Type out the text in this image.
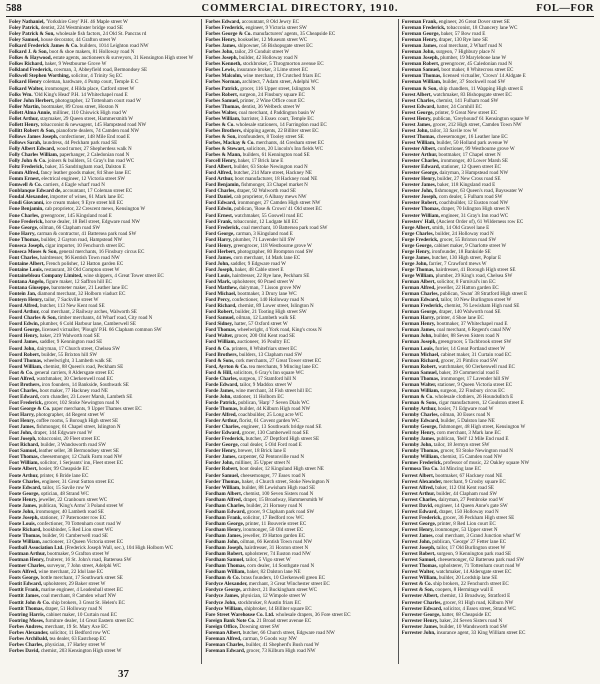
588	COMMERCIAL DIRECTORY, 1910.	FOL—FOR
Foley Nathaniel, 'Yorkshire Grey' P.H. 46 Maple street W
Foley Patrick, dentist, 224 Westminster bridge road SE
Foley Patrick & Son, wholesale fish factors, 24 Old St. Pancras rd
Foley Samuel, house decorator, 44 Grafton street W
Folkard Frederick James & Co. builders, 1014 Leighton road NW
Folkard J. & Son, boot & shoe makers, 81 Holloway road N
Folkes & Haywood, estate agents, auctioneers & surveyors, 31 Kensington High street W
Folkes Richard, baker, 9 Westbourne Grove W
Folkland Frederick, cowman, 3, Abbeyfield road, Bermondsey SE
Folkwell Stephen Worthing, solicitor, 4 Trinity Sq EC
Folkard Henry coleman, hardware, 4 Pump court, Temple E C
Folkard Walter, ironmonger, 4 Hilda place, Catford street W
Folks Wm. 'Old King's Head' P.H. 14 Whitechapel road E
Foller John Herbert, photographer, 12 Tottenham court road W
Foller Martin, bootmaker, 89 Cross street, Hoxton N
Follett Alma Annie, milliner, 110 Chiswick High road W
Follet Arthur, staymaker, 29 Queen street, Hammersmith W
Follett Henry, tobacconist & newsagent, 145 Hampstead road NW
Follitt Robert & Son, pianoforte dealers, 74 Camden road NW
Follows James Joseph, confectioner, 148 Mile End road E
Follows Sarah, laundress, 44 Peckham park road SE
Folly Albert Edward, wood turner, 27 Shepherdess walk N
Folly Charles William, paperhanger, 2 Caledonian road N
Folly John & Co. joiners & builders, 51 Gray's Inn road WC
Foltz Frederick, baker, 35 Sandringham road, Dalston E
Fomm Alfred, fancy leather goods maker, 84 Shoe lane EC
Fomm Ernest, electrical engineer, 12 Victoria street SW
Fomwell & Co. carriers, 4 Eagle wharf road N
Fonblanque Edward de, accountant, 17 Coleman street EC
Fondal Alexander, importer of wines, 61 Mark lane EC
Fondi Giovanni, ice cream maker, 9 Eyre street hill EC
Fone Benjamin, cab proprietor, 22 Crescent mews, Kensington W
Fone Charles, greengrocer, 145 Kingsland road E
Fone Frederick, horse dealer, 18 Bell street, Edgware road NW
Fone George, oilman, 66 Clapham road SW
Fone Harry, carman & contractor, 41 Battersea park road SW
Fone Thomas, builder, 2 Gayton road, Hampstead NW
Fonseca Joseph, cigar importer, 10 Fenchurch street EC
Fonseca Moses & Son, general merchants, 16 Finsbury circus EC
Font Charles, hairdresser, 96 Kentish Town road NW
Fontaine Albert, French polisher, 12 Hatton garden EC
Fontaine Louis, restaurant, 38 Old Compton street W
Fontainebleau Company Limited, wine shippers, 4 Great Tower street EC
Fontana Angelo, figure maker, 12 Saffron hill EC
Fontana Giuseppe, barometer maker, 21 Leather lane EC
Fontein Jan, diamond merchant, 32 Holborn viaduct EC
Fonteyn Henry, tailor, 7 Sackville street W
Foord Alfred, butcher, 113 New Kent road SE
Foord Arthur, coal merchant, 2 Railway arches, Walworth SE
Foord Charles & Son, timber merchants, 44 Wharf road, City road N
Foord Edwin, plumber, 6 Cold Harbour lane, Camberwell SE
Foord George, licensed victualler, 'Plough' P.H. 66 Clapham common SW
Foord Henry, baker, 219 Walworth road SE
Foord James, saddler, 9 Kennington road SE
Foord John, dairyman, 17 Church street, Chelsea SW
Foord Robert, builder, 55 Brixton hill SW
Foord Thomas, wheelwright, 3 Lambeth walk SE
Foord William, chemist, 88 Queen's road, Peckham SE
Foot & Co. general carriers, 8 Aldersgate street EC
Foot Alfred, watchmaker, 30 Clerkenwell road EC
Foot Brothers, iron founders, 14 Bankside, Southwark SE
Foot Charles, boot maker, 77 Hackney road NE
Foot Edward, corn chandler, 23 Lower Marsh, Lambeth SE
Foot Frederick, grocer, 102 Stoke Newington road N
Foot George & Co. paper merchants, 9 Upper Thames street EC
Foot Harry, photographer, 44 Regent street W
Foot Henry, coffee rooms, 5 Borough High street SE
Foot James, fishmonger, 61 Chapel street, Islington N
Foot John, draper, 144 Edgware road W
Foot Joseph, tobacconist, 20 Fleet street EC
Foot Richard, builder, 3 Wandsworth road SW
Foot Samuel, leather seller, 38 Bermondsey street SE
Foot Thomas, cheesemonger, 12 Chalk Farm road NW
Foot William, solicitor, 1 Serjeants' inn, Fleet street EC
Foote Albert, hosier, 99 Cheapside EC
Foote Arthur, printer, 6 Bride lane EC
Foote Charles, engineer, 31 Great Sutton street EC
Foote Edward, tailor, 15 Savile row W
Foote George, optician, 48 Strand WC
Foote Henry, jeweller, 22 Cranbourn street WC
Foote James, publican, 'King's Arms' 3 Poland street W
Foote John, ironmonger, 40 Lambeth road SE
Foote Joseph, stationer, 17 Paternoster row EC
Foote Louis, confectioner, 70 Tottenham court road W
Foote Richard, bookbinder, 5 Red Lion street WC
Foote Thomas, builder, 91 Camberwell road SE
Foote William, auctioneer, 13 Queen Victoria street EC
Football Association Ltd. (Frederick Joseph Wall, sec.), 104 High Holborn WC
Footman Arthur, bootmaker, 9 Grafton street W
Footman Henry, fruiterer, 16 St. John's road, Battersea SW
Footner Charles, surveyor, 7 John street, Adelphi WC
Foots Alfred, wine merchant, 22 Idol lane EC
Foots George, bottle merchant, 17 Southwark street SE
Footit Edward, upholsterer, 29 Baker street W
Foottit Frank, marine engineer, 4 Leadenhall street EC
Foottit James, coal merchant, 8 Camden wharf NW
Foottit John & Co. ship brokers, 3 Great St. Helen's EC
Foottit Thomas, draper, 51 Holloway road N
Footring Harris, cabinet maker, 10 Curtain road EC
Footring Moses, furniture dealer, 14 Great Eastern street EC
Forbes Andrew, merchant, 19 St. Mary Axe EC
Forbes Alexander, solicitor, 11 Bedford row WC
Forbes Archibald, tea dealer, 63 Eastcheap EC
Forbes Charles, physician, 17 Harley street W
Forbes David, chemist, 203 Kensington High street W
Forbes Edward, accountant, 8 Old Jewry EC
Forbes Frederick, engineer, 9 Victoria street SW
Forbes George & Co. manufacturers' agents, 35 Cheapside EC
Forbes Henry, bookseller, 12 Museum street WC
Forbes James, shipowner, 56 Bishopsgate street EC
Forbes John, tailor, 29 Conduit street W
Forbes Joseph, builder, 42 Holloway road N
Forbes Kenneth, stockbroker, 5 Throgmorton avenue EC
Forbes Lewis, insurance broker, 3 Lime street EC
Forbes Malcolm, wine merchant, 19 Crutched friars EC
Forbes Norman, architect, 7 Adam street, Adelphi WC
Forbes Patrick, grocer, 116 Upper street, Islington N
Forbes Robert, surgeon, 24 Finsbury square EC
Forbes Samuel, printer, 2 Wine Office court EC
Forbes Thomas, dentist, 36 Welbeck street W
Forbes Walter, coal merchant, 4 Paddington basin W
Forbes William, barrister, 3 Essex court, Temple EC
Forbes & Co. wholesale stationers, 14 Farringdon road EC
Forbes Brothers, shipping agents, 22 Billiter street EC
Forbes & Son, ironfounders, 8 Tooley street SE
Forbes, Mackay & Co. merchants, 44 Gresham street EC
Forbes & Stewart, solicitors, 20 Lincoln's Inn fields WC
Forbes & Mann, builders, 61 Kennington road SE
Forcell Henry, baker, 17 Brick lane E
Ford Albert, builder, 63 Stoke Newington road N
Ford Alfred, butcher, 214 Mare street, Hackney NE
Ford Arthur, boot manufacturer, 18 Hackney road NE
Ford Benjamin, fishmonger, 33 Chapel market N
Ford Charles, draper, 92 Walworth road SE
Ford Daniel, cab proprietor, 6 Albany mews NW
Ford Edward, ironmonger, 27 Camden High street NW
Ford Edwin, publican, 'Rose & Crown' 41 Old street EC
Ford Ernest, watchmaker, 55 Goswell road EC
Ford Frank, tobacconist, 12 Ludgate hill EC
Ford Frederick, coal merchant, 10 Battersea park road SW
Ford George, carman, 3 Kingsland road E
Ford Harry, plumber, 71 Lavender hill SW
Ford Henry, greengrocer, 118 Westbourne grove W
Ford Herbert, photographer, 80 Brompton road SW
Ford James, corn merchant, 14 Mark lane EC
Ford John, saddler, 9 Edgware road W
Ford Joseph, baker, 48 Cable street E
Ford Louis, hairdresser, 22 Rye lane, Peckham SE
Ford Mark, upholsterer, 60 Praed street W
Ford Matthew, dairyman, 7 Lisson grove NW
Ford Michael, bootmaker, 3 Drury lane WC
Ford Percy, confectioner, 140 Holloway road N
Ford Richard, chemist, 89 Lower street, Islington N
Ford Robert, builder, 21 Tooting High street SW
Ford Samuel, oilman, 12 Lambeth walk SE
Ford Sidney, hatter, 57 Oxford street W
Ford Thomas, wheelwright, 4 York road, King's cross N
Ford Walter, grocer, 200 Old Kent road SE
Ford William, auctioneer, 16 Poultry EC
Ford & Co. printers, 8 Whitefriars street EC
Ford Brothers, builders, 13 Clapham road SW
Ford & Sons, cork merchants, 27 Great Tower street EC
Ford, Ayrton & Co. tea merchants, 9 Mincing lane EC
Ford & Hill, solicitors, 6 Gray's Inn square WC
Forde Charles, surgeon, 17 Stamford hill N
Forde Edward, tailor, 9 Maddox street W
Forde James, wine merchant, 34 Fish street hill EC
Forde John, stationer, 11 Holborn EC
Forde Patrick, publican, 'Harp' 7 Seven Dials WC
Forde Thomas, builder, 44 Kilburn High road NW
Forder Alfred, coachbuilder, 25 Long acre WC
Forder Arthur, florist, 61 Covent garden WC
Forder Charles, engineer, 13 Southwark bridge road SE
Forder Edward, grocer, 130 Camberwell road SE
Forder Frederick, butcher, 27 Deptford High street SE
Forder George, coal dealer, 5 Old Ford road E
Forder Henry, brewer, 18 Brick lane E
Forder James, carpenter, 62 Pentonville road N
Forder John, milliner, 35 Upper street N
Forder Robert, boot dealer, 12 Kingsland High street NE
Forder Samuel, cheesemonger, 77 Essex road N
Forder Thomas, baker, 4 Church street, Stoke Newington N
Forder William, builder, 88 Lewisham High road SE
Fordham Albert, chemist, 100 Seven Sisters road N
Fordham Alfred, draper, 15 Broadway, Hammersmith W
Fordham Charles, builder, 21 Hornsey road N
Fordham Edward, grocer, 9 Clapham park road SW
Fordham Frank, solicitor, 17 Bedford row WC
Fordham George, printer, 11 Bouverie street EC
Fordham Henry, ironmonger, 50 Old street EC
Fordham James, jeweller, 19 Hatton garden EC
Fordham John, oilman, 66 Kentish Town road NW
Fordham Joseph, hairdresser, 31 Hoxton street N
Fordham Robert, upholsterer, 74 Euston road NW
Fordham Samuel, tailor, 5 Vigo street W
Fordham Thomas, corn dealer, 14 Southgate road N
Fordham William, baker, 82 Dalston lane NE
Fordham & Co. brass founders, 10 Clerkenwell green EC
Fordyce Alexander, merchant, 3 Great Winchester street EC
Fordyce George, architect, 21 Buckingham street WC
Fordyce James, physician, 12 Wimpole street W
Fordyce John, stockbroker, 8 Austin friars EC
Fordyce William, shipbroker, 14 Billiter square EC
Fore Street Warehouse Co. Ltd. wholesale drapers, 36 Fore street EC
Foreign Bank Note Co. 21 Broad street avenue EC
Foreign Office, Downing street SW
Foreman Albert, butcher, 66 Church street, Edgware road NW
Foreman Alfred, carman, 9 Goods way NW
Foreman Charles, builder, 41 Shepherd's Bush road W
Foreman Edward, grocer, 73 Kilburn High road NW
Foreman Frank, engineer, 26 Great Dover street SE
Foreman Frederick, tobacconist, 18 Chancery lane WC
Foreman George, baker, 57 Bow road E
Foreman Henry, draper, 130 Rye lane SE
Foreman James, coal merchant, 2 Wharf road N
Foreman John, surgeon, 7 Highbury place N
Foreman Joseph, plumber, 19 Marylebone lane W
Foreman Robert, greengrocer, 45 Caledonian road N
Foreman Samuel, boot maker, 8 Whitecross street EC
Foreman Thomas, licensed victualler, 'Crown' 14 Aldgate E
Foreman William, builder, 37 Stockwell road SW
Foreman & Son, ship chandlers, 11 Wapping High street E
Forest Albert, watchmaker, 83 Bishopsgate street EC
Forest Charles, chemist, 141 Fulham road SW
Forest Edward, hatter, 24 Cornhill EC
Forest George, printer, 9 Great New street EC
Forest Henry, publican, 'Greyhound' 61 Kensington square W
Forest James, grocer, 212 High street, Camden Town NW
Forest John, tailor, 33 Savile row W
Forest Thomas, cheesemonger, 16 Leather lane EC
Forest William, builder, 50 Holland park avenue W
Forester Albert, confectioner, 99 Westbourne grove W
Forester Arthur, bootmaker, 17 Chapel street N
Forester Charles, ironmonger, 40 Lower Marsh SE
Forester Edward, stationer, 12 Queen street EC
Forester George, dairyman, 3 Hampstead road NW
Forester Henry, builder, 27 New Cross road SE
Forester James, baker, 118 Kingsland road E
Forester John, fishmonger, 63 Queen's road, Bayswater W
Forester Joseph, corn dealer, 5 Fulham road SW
Forester Robert, coachbuilder, 12 Euston road NW
Forester Thomas, draper, 70 Islington High street N
Forester William, engineer, 31 Gray's Inn road WC
Foresters' Hall, (Ancient Order of), 61 Wilderness row EC
Forge Albert, smith, 14 Old Gravel lane E
Forge Charles, builder, 24 Holloway road N
Forge Frederick, grocer, 55 Brixton road SW
Forge George, cabinet maker, 9 Charlotte street W
Forge Henry, ironfounder, 18 Bankside SE
Forge James, butcher, 130 High street, Poplar E
Forge John, farrier, 7 Crawford mews W
Forge Thomas, hairdresser, 41 Borough High street SE
Forge William, plumber, 29 King's road, Chelsea SW
Forman Albert, solicitor, 8 Furnival's inn EC
Forman Alfred, jeweller, 22 Hatton garden EC
Forman Charles, publican, 'Swan' 38 Stratford High street E
Forman Edward, tailor, 10 New Burlington street W
Forman Frederick, chemist, 76 Lewisham High road SE
Forman George, draper, 140 Walworth road SE
Forman Harry, printer, 4 Shoe lane EC
Forman Henry, bootmaker, 37 Whitechapel road E
Forman James, coal merchant, 6 Regent's canal NW
Forman John, builder, 88 Seven Sisters road N
Forman Joseph, greengrocer, 5 Tachbrook street SW
Forman Louis, furrier, 14 Great Portland street W
Forman Michael, cabinet maker, 31 Curtain road EC
Forman Richard, grocer, 21 Pimlico road SW
Forman Robert, watchmaker, 60 Clerkenwell road EC
Forman Samuel, baker, 39 Commercial road E
Forman Thomas, ironmonger, 17 Lavender hill SW
Forman Walter, stationer, 9 Queen Victoria street EC
Forman William, surgeon, 22 Finsbury circus EC
Forman & Co. wholesale clothiers, 26 Houndsditch E
Forman & Sons, cigar manufacturers, 12 Goulston street E
Formby Arthur, hosier, 71 Edgware road W
Formby Charles, oilman, 30 Essex road N
Formby Edward, builder, 5 Dalston lane NE
Formby George, fishmonger, 48 High street, Kensington W
Formby Henry, corn merchant, 3 Mark lane EC
Formby James, publican, 'Bell' 12 Mile End road E
Formby John, tailor, 18 Jermyn street SW
Formby Thomas, grocer, 93 Stoke Newington road N
Formby William, chemist, 15 Camden road NW
Formes Frederick, professor of music, 22 Oakley square NW
Formosa Tea Co. 34 Mincing lane EC
Forrest Albert, bootmaker, 67 Hackney road NE
Forrest Alexander, merchant, 9 Crosby square EC
Forrest Alfred, baker, 112 Old Kent road SE
Forrest Arthur, builder, 44 Clapham road SW
Forrest Charles, dairyman, 27 Pembroke road W
Forrest David, engineer, 14 Queen Anne's gate SW
Forrest Edward, draper, 150 Holloway road N
Forrest Frederick, grocer, 36 Peckham High street SE
Forrest George, printer, 8 Red Lion court EC
Forrest Henry, ironmonger, 53 Upper street N
Forrest James, coal merchant, 3 Grand Junction wharf W
Forrest John, publican, 'George' 27 Fetter lane EC
Forrest Joseph, tailor, 17 Old Burlington street W
Forrest Robert, surgeon, 9 Kennington park road SE
Forrest Samuel, cheesemonger, 62 Battersea park road SW
Forrest Thomas, upholsterer, 71 Tottenham court road W
Forrest Walter, watchmaker, 14 Aldersgate street EC
Forrest William, builder, 20 Lordship lane SE
Forrest & Co. ship brokers, 22 Fenchurch street EC
Forrest & Son, coopers, 8 Hermitage wall E
Forrester Albert, chemist, 13 Broadway, Stratford E
Forrester Charles, grocer, 81 High road, Kilburn NW
Forrester Edward, solicitor, 4 Essex street, Strand WC
Forrester George, hatter, 68 Cheapside EC
Forrester Henry, baker, 24 Seven Sisters road N
Forrester James, builder, 10 Wandsworth road SW
Forrester John, insurance agent, 33 King William street EC
37
